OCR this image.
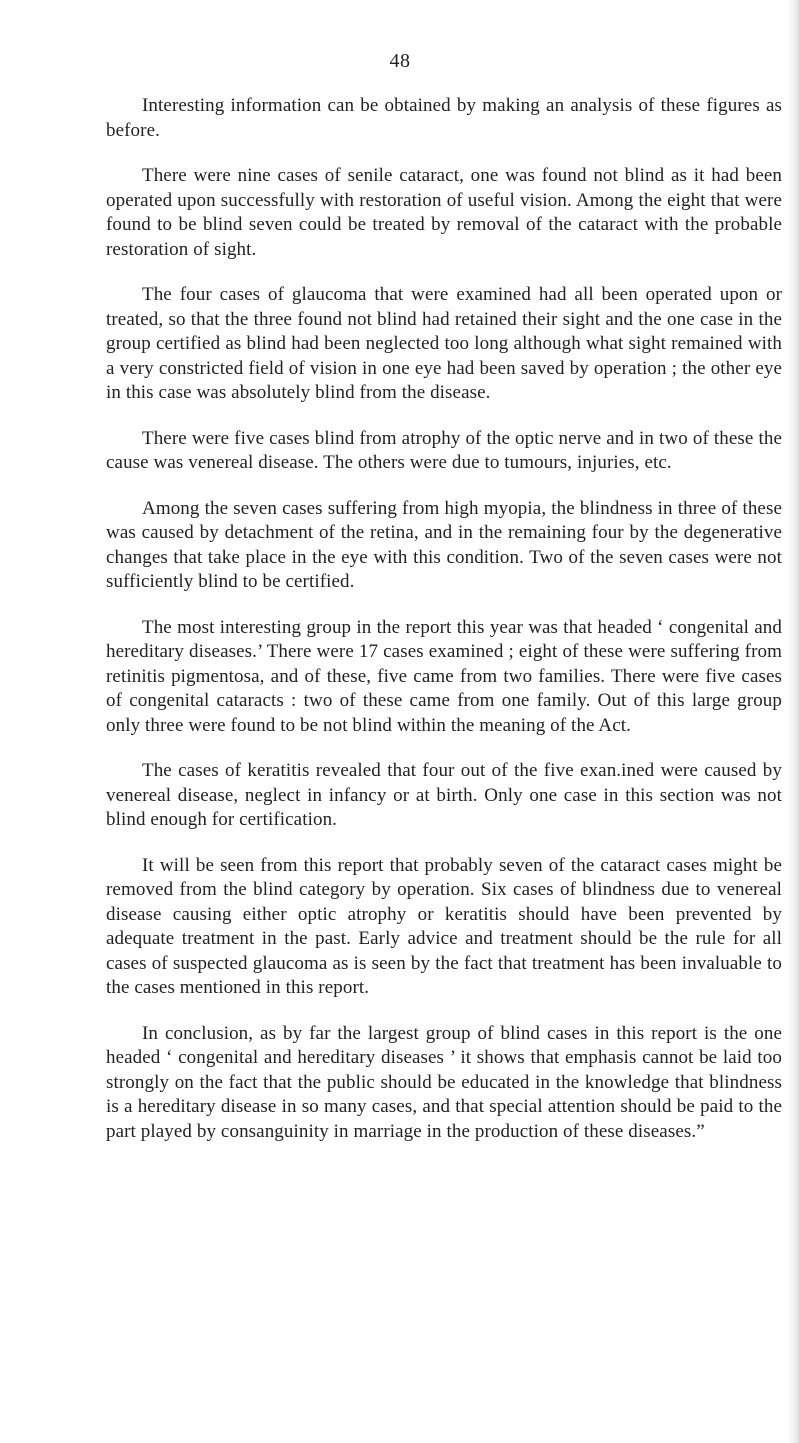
48

Interesting information can be obtained by making an analysis of these figures as before.

There were nine cases of senile cataract, one was found not blind as it had been operated upon successfully with restoration of useful vision. Among the eight that were found to be blind seven could be treated by removal of the cataract with the probable restoration of sight.

The four cases of glaucoma that were examined had all been operated upon or treated, so that the three found not blind had retained their sight and the one case in the group certified as blind had been neglected too long although what sight remained with a very constricted field of vision in one eye had been saved by operation ; the other eye in this case was absolutely blind from the disease.

There were five cases blind from atrophy of the optic nerve and in two of these the cause was venereal disease. The others were due to tumours, injuries, etc.

Among the seven cases suffering from high myopia, the blindness in three of these was caused by detachment of the retina, and in the remaining four by the degenerative changes that take place in the eye with this condition. Two of the seven cases were not sufficiently blind to be certified.

The most interesting group in the report this year was that headed ‘ congenital and hereditary diseases.’ There were 17 cases examined ; eight of these were suffering from retinitis pigmentosa, and of these, five came from two families. There were five cases of congenital cataracts : two of these came from one family. Out of this large group only three were found to be not blind within the meaning of the Act.

The cases of keratitis revealed that four out of the five exan.ined were caused by venereal disease, neglect in infancy or at birth. Only one case in this section was not blind enough for certification.

It will be seen from this report that probably seven of the cataract cases might be removed from the blind category by operation. Six cases of blindness due to venereal disease causing either optic atrophy or keratitis should have been prevented by adequate treatment in the past. Early advice and treatment should be the rule for all cases of suspected glaucoma as is seen by the fact that treatment has been invaluable to the cases mentioned in this report.

In conclusion, as by far the largest group of blind cases in this report is the one headed ‘ congenital and hereditary diseases ’ it shows that emphasis cannot be laid too strongly on the fact that the public should be educated in the knowledge that blindness is a hereditary disease in so many cases, and that special attention should be paid to the part played by consanguinity in marriage in the production of these diseases.”
